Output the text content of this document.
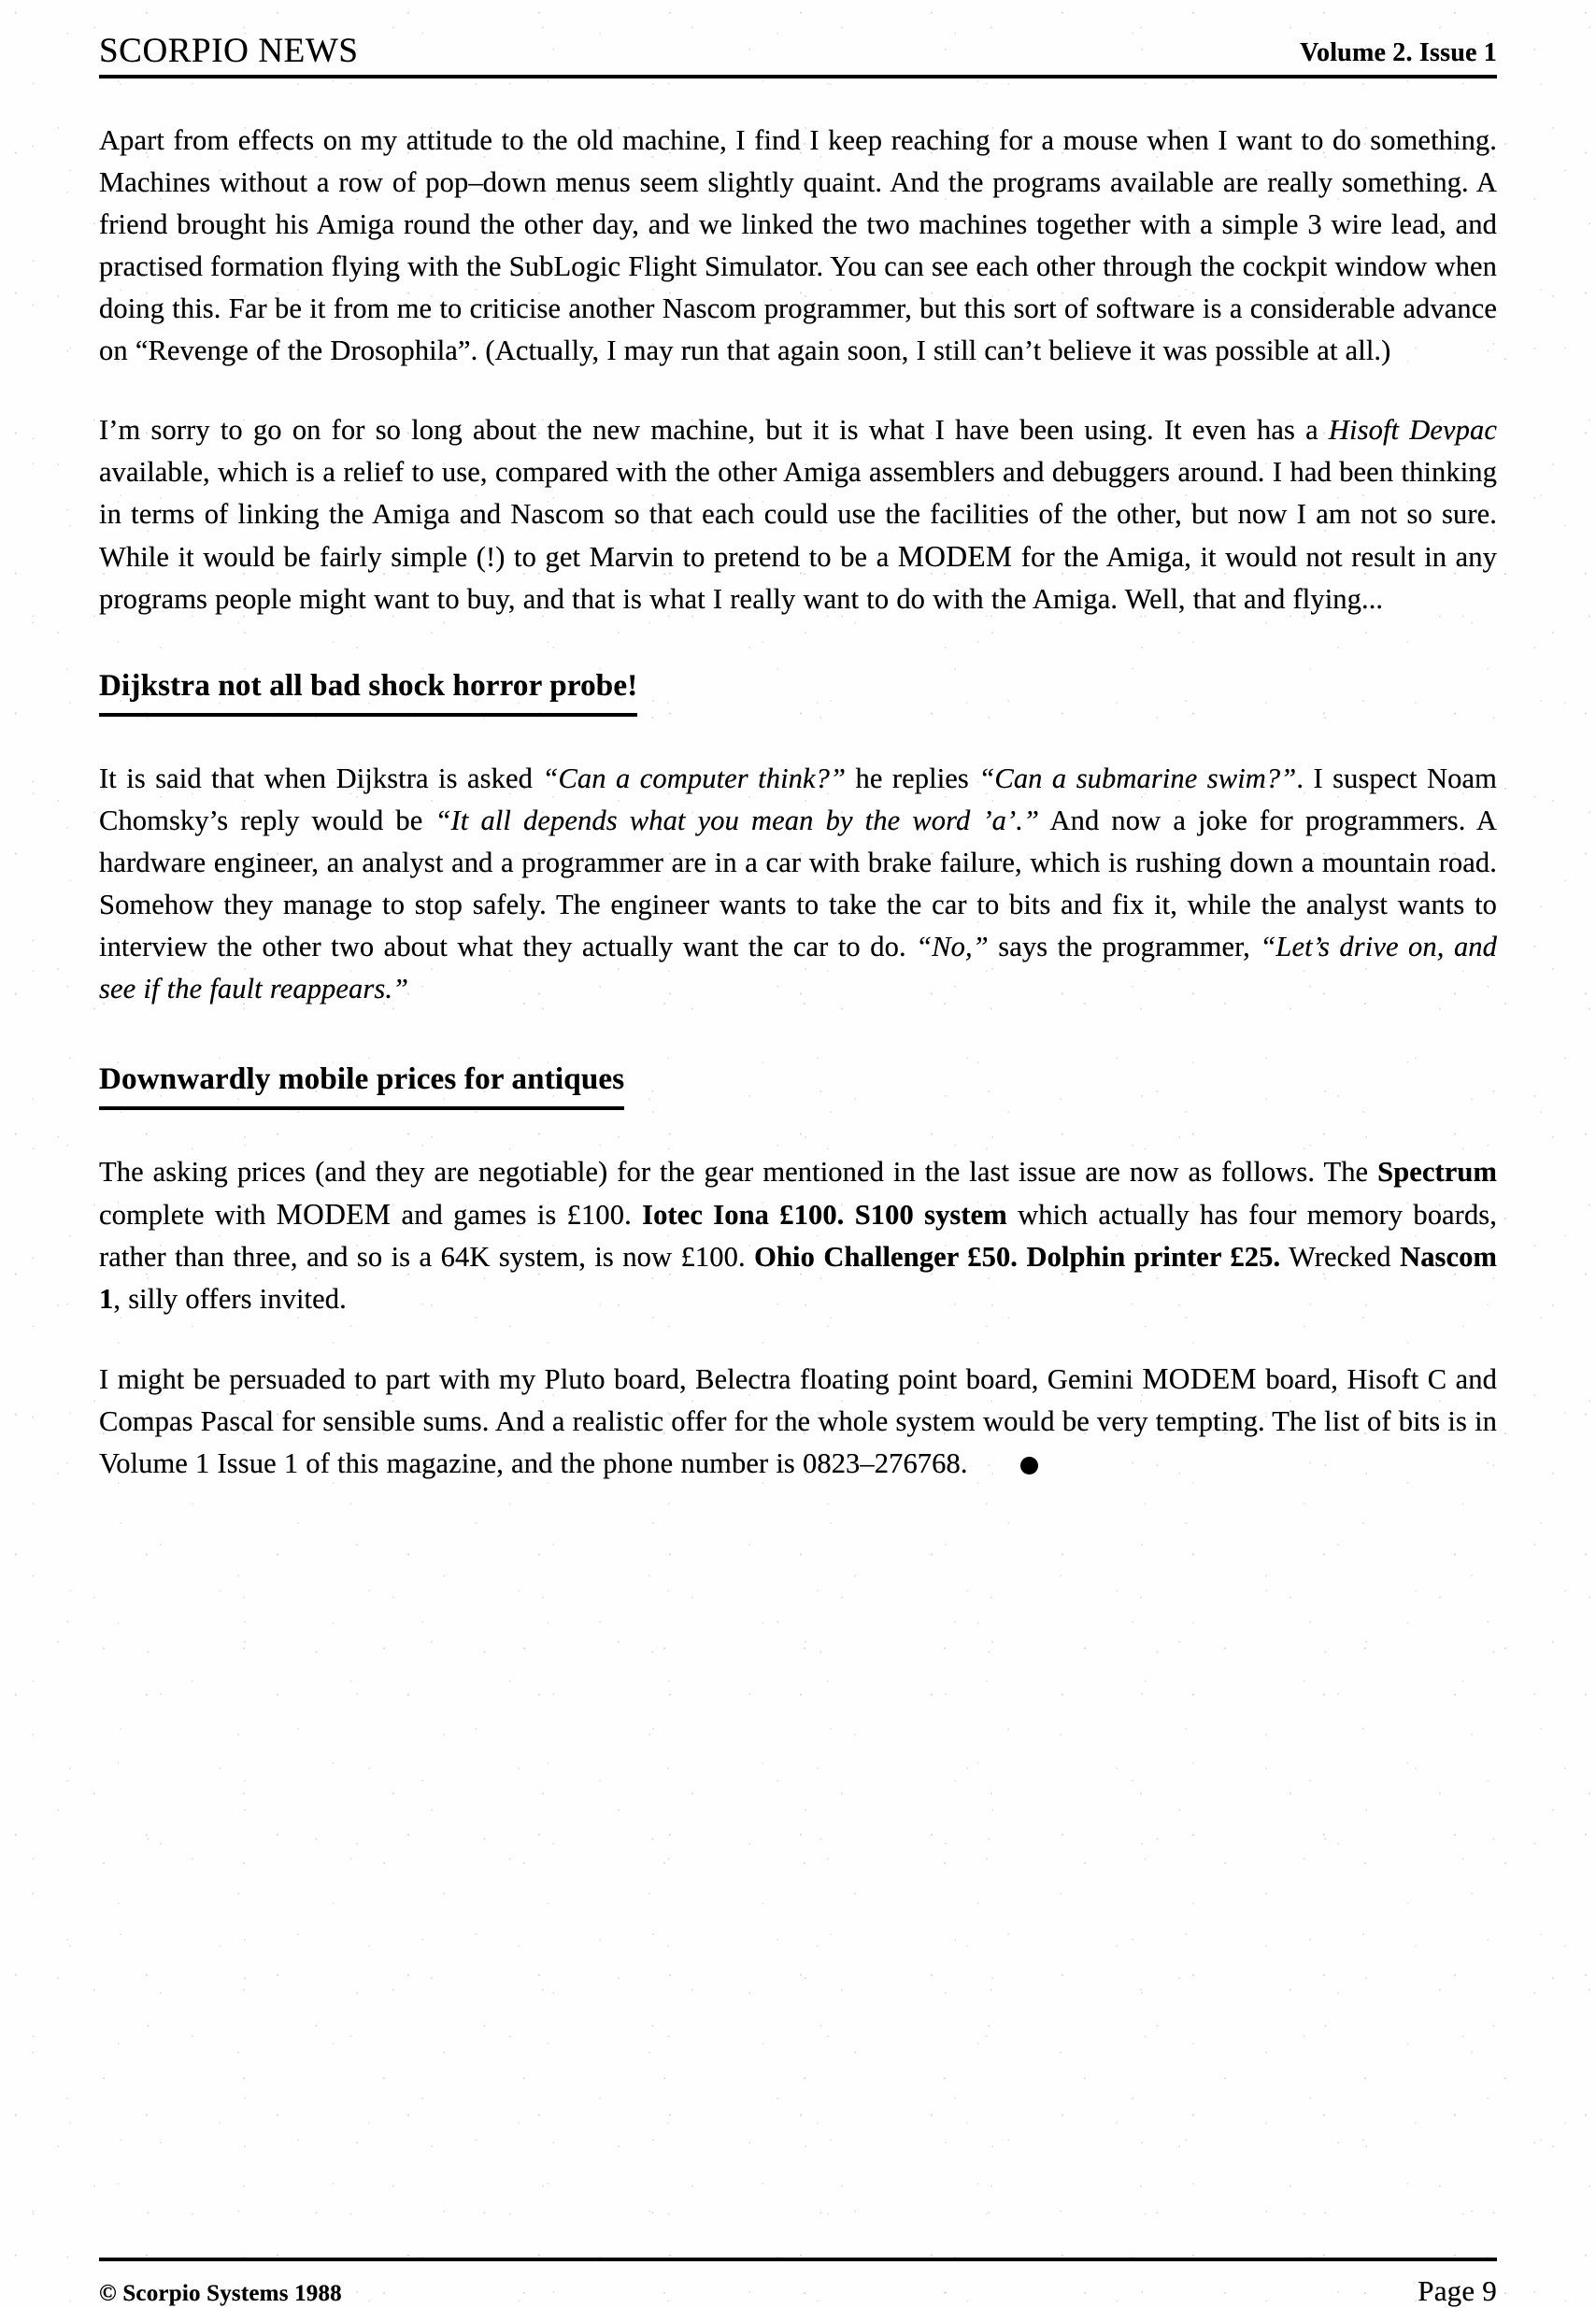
SCORPIO NEWS	Volume 2. Issue 1

Apart from effects on my attitude to the old machine, I find I keep reaching for a mouse when I want to do something. Machines without a row of pop–down menus seem slightly quaint. And the programs available are really something. A friend brought his Amiga round the other day, and we linked the two machines together with a simple 3 wire lead, and practised formation flying with the SubLogic Flight Simulator. You can see each other through the cockpit window when doing this. Far be it from me to criticise another Nascom programmer, but this sort of software is a considerable advance on “Revenge of the Drosophila”. (Actually, I may run that again soon, I still can’t believe it was possible at all.)

I’m sorry to go on for so long about the new machine, but it is what I have been using. It even has a Hisoft Devpac available, which is a relief to use, compared with the other Amiga assemblers and debuggers around. I had been thinking in terms of linking the Amiga and Nascom so that each could use the facilities of the other, but now I am not so sure. While it would be fairly simple (!) to get Marvin to pretend to be a MODEM for the Amiga, it would not result in any programs people might want to buy, and that is what I really want to do with the Amiga. Well, that and flying...

Dijkstra not all bad shock horror probe!

It is said that when Dijkstra is asked “Can a computer think?” he replies “Can a submarine swim?”. I suspect Noam Chomsky’s reply would be “It all depends what you mean by the word ’a’.” And now a joke for programmers. A hardware engineer, an analyst and a programmer are in a car with brake failure, which is rushing down a mountain road. Somehow they manage to stop safely. The engineer wants to take the car to bits and fix it, while the analyst wants to interview the other two about what they actually want the car to do. “No,” says the programmer, “Let’s drive on, and see if the fault reappears.”

Downwardly mobile prices for antiques

The asking prices (and they are negotiable) for the gear mentioned in the last issue are now as follows. The Spectrum complete with MODEM and games is £100. Iotec Iona £100. S100 system which actually has four memory boards, rather than three, and so is a 64K system, is now £100. Ohio Challenger £50. Dolphin printer £25. Wrecked Nascom 1, silly offers invited.

I might be persuaded to part with my Pluto board, Belectra floating point board, Gemini MODEM board, Hisoft C and Compas Pascal for sensible sums. And a realistic offer for the whole system would be very tempting. The list of bits is in Volume 1 Issue 1 of this magazine, and the phone number is 0823–276768.

© Scorpio Systems 1988	Page 9
